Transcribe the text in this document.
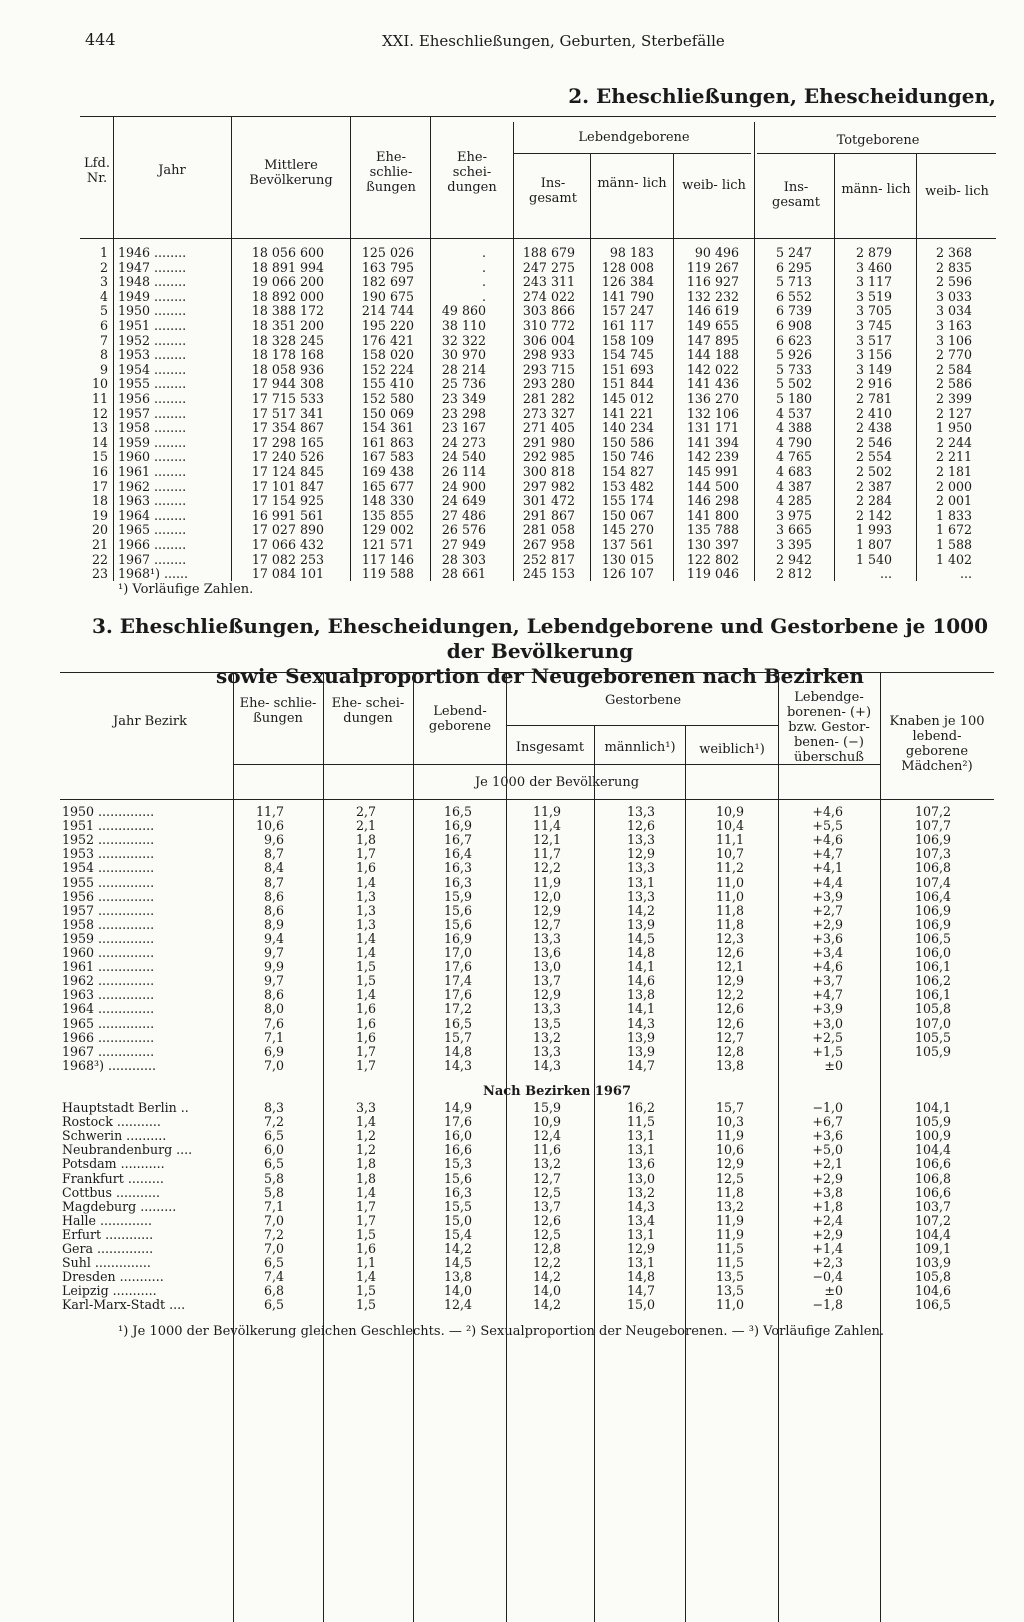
444	XXI. Eheschließungen, Geburten, Sterbefälle
2. Eheschließungen, Ehescheidungen,
Lfd. Nr.
Jahr	Mittlere Bevölkerung
Ehe- schlie- ßungen
Ehe- schei- dungen
Lebendgeborene	Totgeborene
Ins- gesamt
männ- lich	weib- lich	Ins- gesamt
männ- lich	weib- lich
1 1946 ........	18 056 600	125 026	.	188 679	98 183	90 496	5 247	2 879	2 368
2 1947 ........	18 891 994	163 795	.	247 275	128 008	119 267	6 295	3 460	2 835
3 1948 ........	19 066 200	182 697	.	243 311	126 384	116 927	5 713	3 117	2 596
4 1949 ........	18 892 000	190 675	.	274 022	141 790	132 232	6 552	3 519	3 033
5 1950 ........	18 388 172	214 744	49 860	303 866	157 247	146 619	6 739	3 705	3 034
6 1951 ........	18 351 200	195 220	38 110	310 772	161 117	149 655	6 908	3 745	3 163
7 1952 ........	18 328 245	176 421	32 322	306 004	158 109	147 895	6 623	3 517	3 106
8 1953 ........	18 178 168	158 020	30 970	298 933	154 745	144 188	5 926	3 156	2 770
9 1954 ........	18 058 936	152 224	28 214	293 715	151 693	142 022	5 733	3 149	2 584
10 1955 ........	17 944 308	155 410	25 736	293 280	151 844	141 436	5 502	2 916	2 586
11 1956 ........	17 715 533	152 580	23 349	281 282	145 012	136 270	5 180	2 781	2 399
12 1957 ........	17 517 341	150 069	23 298	273 327	141 221	132 106	4 537	2 410	2 127
13 1958 ........	17 354 867	154 361	23 167	271 405	140 234	131 171	4 388	2 438	1 950
14 1959 ........	17 298 165	161 863	24 273	291 980	150 586	141 394	4 790	2 546	2 244
15 1960 ........	17 240 526	167 583	24 540	292 985	150 746	142 239	4 765	2 554	2 211
16 1961 ........	17 124 845	169 438	26 114	300 818	154 827	145 991	4 683	2 502	2 181
17 1962 ........	17 101 847	165 677	24 900	297 982	153 482	144 500	4 387	2 387	2 000
18 1963 ........	17 154 925	148 330	24 649	301 472	155 174	146 298	4 285	2 284	2 001
19 1964 ........	16 991 561	135 855	27 486	291 867	150 067	141 800	3 975	2 142	1 833
20 1965 ........	17 027 890	129 002	26 576	281 058	145 270	135 788	3 665	1 993	1 672
21 1966 ........	17 066 432	121 571	27 949	267 958	137 561	130 397	3 395	1 807	1 588
22 1967 ........	17 082 253	117 146	28 303	252 817	130 015	122 802	2 942	1 540	1 402
23 1968¹) ......	17 084 101	119 588	28 661	245 153	126 107	119 046	2 812	...	...
¹) Vorläufige Zahlen.
3. Eheschließungen, Ehescheidungen, Lebendgeborene und Gestorbene je 1000 der Bevölkerung
sowie Sexualproportion der Neugeborenen nach Bezirken
Jahr Bezirk
Ehe- schlie- ßungen
Ehe- schei- dungen	Lebend- geborene
Gestorbene
Insgesamt	männlich¹)	weiblich¹)
Lebendge- borenen- (+) bzw. Gestor- benen- (−) überschuß
Knaben je 100 lebend- geborene Mädchen²)
Je 1000 der Bevölkerung
1950 ..............	11,7	2,7	16,5	11,9	13,3	10,9	+4,6	107,2
1951 ..............	10,6	2,1	16,9	11,4	12,6	10,4	+5,5	107,7
1952 ..............	9,6	1,8	16,7	12,1	13,3	11,1	+4,6	106,9
1953 ..............	8,7	1,7	16,4	11,7	12,9	10,7	+4,7	107,3
1954 ..............	8,4	1,6	16,3	12,2	13,3	11,2	+4,1	106,8
1955 ..............	8,7	1,4	16,3	11,9	13,1	11,0	+4,4	107,4
1956 ..............	8,6	1,3	15,9	12,0	13,3	11,0	+3,9	106,4
1957 ..............	8,6	1,3	15,6	12,9	14,2	11,8	+2,7	106,9
1958 ..............	8,9	1,3	15,6	12,7	13,9	11,8	+2,9	106,9
1959 ..............	9,4	1,4	16,9	13,3	14,5	12,3	+3,6	106,5
1960 ..............	9,7	1,4	17,0	13,6	14,8	12,6	+3,4	106,0
1961 ..............	9,9	1,5	17,6	13,0	14,1	12,1	+4,6	106,1
1962 ..............	9,7	1,5	17,4	13,7	14,6	12,9	+3,7	106,2
1963 ..............	8,6	1,4	17,6	12,9	13,8	12,2	+4,7	106,1
1964 ..............	8,0	1,6	17,2	13,3	14,1	12,6	+3,9	105,8
1965 ..............	7,6	1,6	16,5	13,5	14,3	12,6	+3,0	107,0
1966 ..............	7,1	1,6	15,7	13,2	13,9	12,7	+2,5	105,5
1967 ..............	6,9	1,7	14,8	13,3	13,9	12,8	+1,5	105,9
1968³) ............	7,0	1,7	14,3	14,3	14,7	13,8	±0
Nach Bezirken 1967
Hauptstadt Berlin ..	8,3	3,3	14,9	15,9	16,2	15,7	−1,0	104,1
Rostock ...........	7,2	1,4	17,6	10,9	11,5	10,3	+6,7	105,9
Schwerin ..........	6,5	1,2	16,0	12,4	13,1	11,9	+3,6	100,9
Neubrandenburg ....	6,0	1,2	16,6	11,6	13,1	10,6	+5,0	104,4
Potsdam ...........	6,5	1,8	15,3	13,2	13,6	12,9	+2,1	106,6
Frankfurt .........	5,8	1,8	15,6	12,7	13,0	12,5	+2,9	106,8
Cottbus ...........	5,8	1,4	16,3	12,5	13,2	11,8	+3,8	106,6
Magdeburg .........	7,1	1,7	15,5	13,7	14,3	13,2	+1,8	103,7
Halle .............	7,0	1,7	15,0	12,6	13,4	11,9	+2,4	107,2
Erfurt ............	7,2	1,5	15,4	12,5	13,1	11,9	+2,9	104,4
Gera ..............	7,0	1,6	14,2	12,8	12,9	11,5	+1,4	109,1
Suhl ..............	6,5	1,1	14,5	12,2	13,1	11,5	+2,3	103,9
Dresden ...........	7,4	1,4	13,8	14,2	14,8	13,5	−0,4	105,8
Leipzig ...........	6,8	1,5	14,0	14,0	14,7	13,5	±0	104,6
Karl-Marx-Stadt ....	6,5	1,5	12,4	14,2	15,0	11,0	−1,8	106,5
¹) Je 1000 der Bevölkerung gleichen Geschlechts. — ²) Sexualproportion der Neugeborenen. — ³) Vorläufige Zahlen.
